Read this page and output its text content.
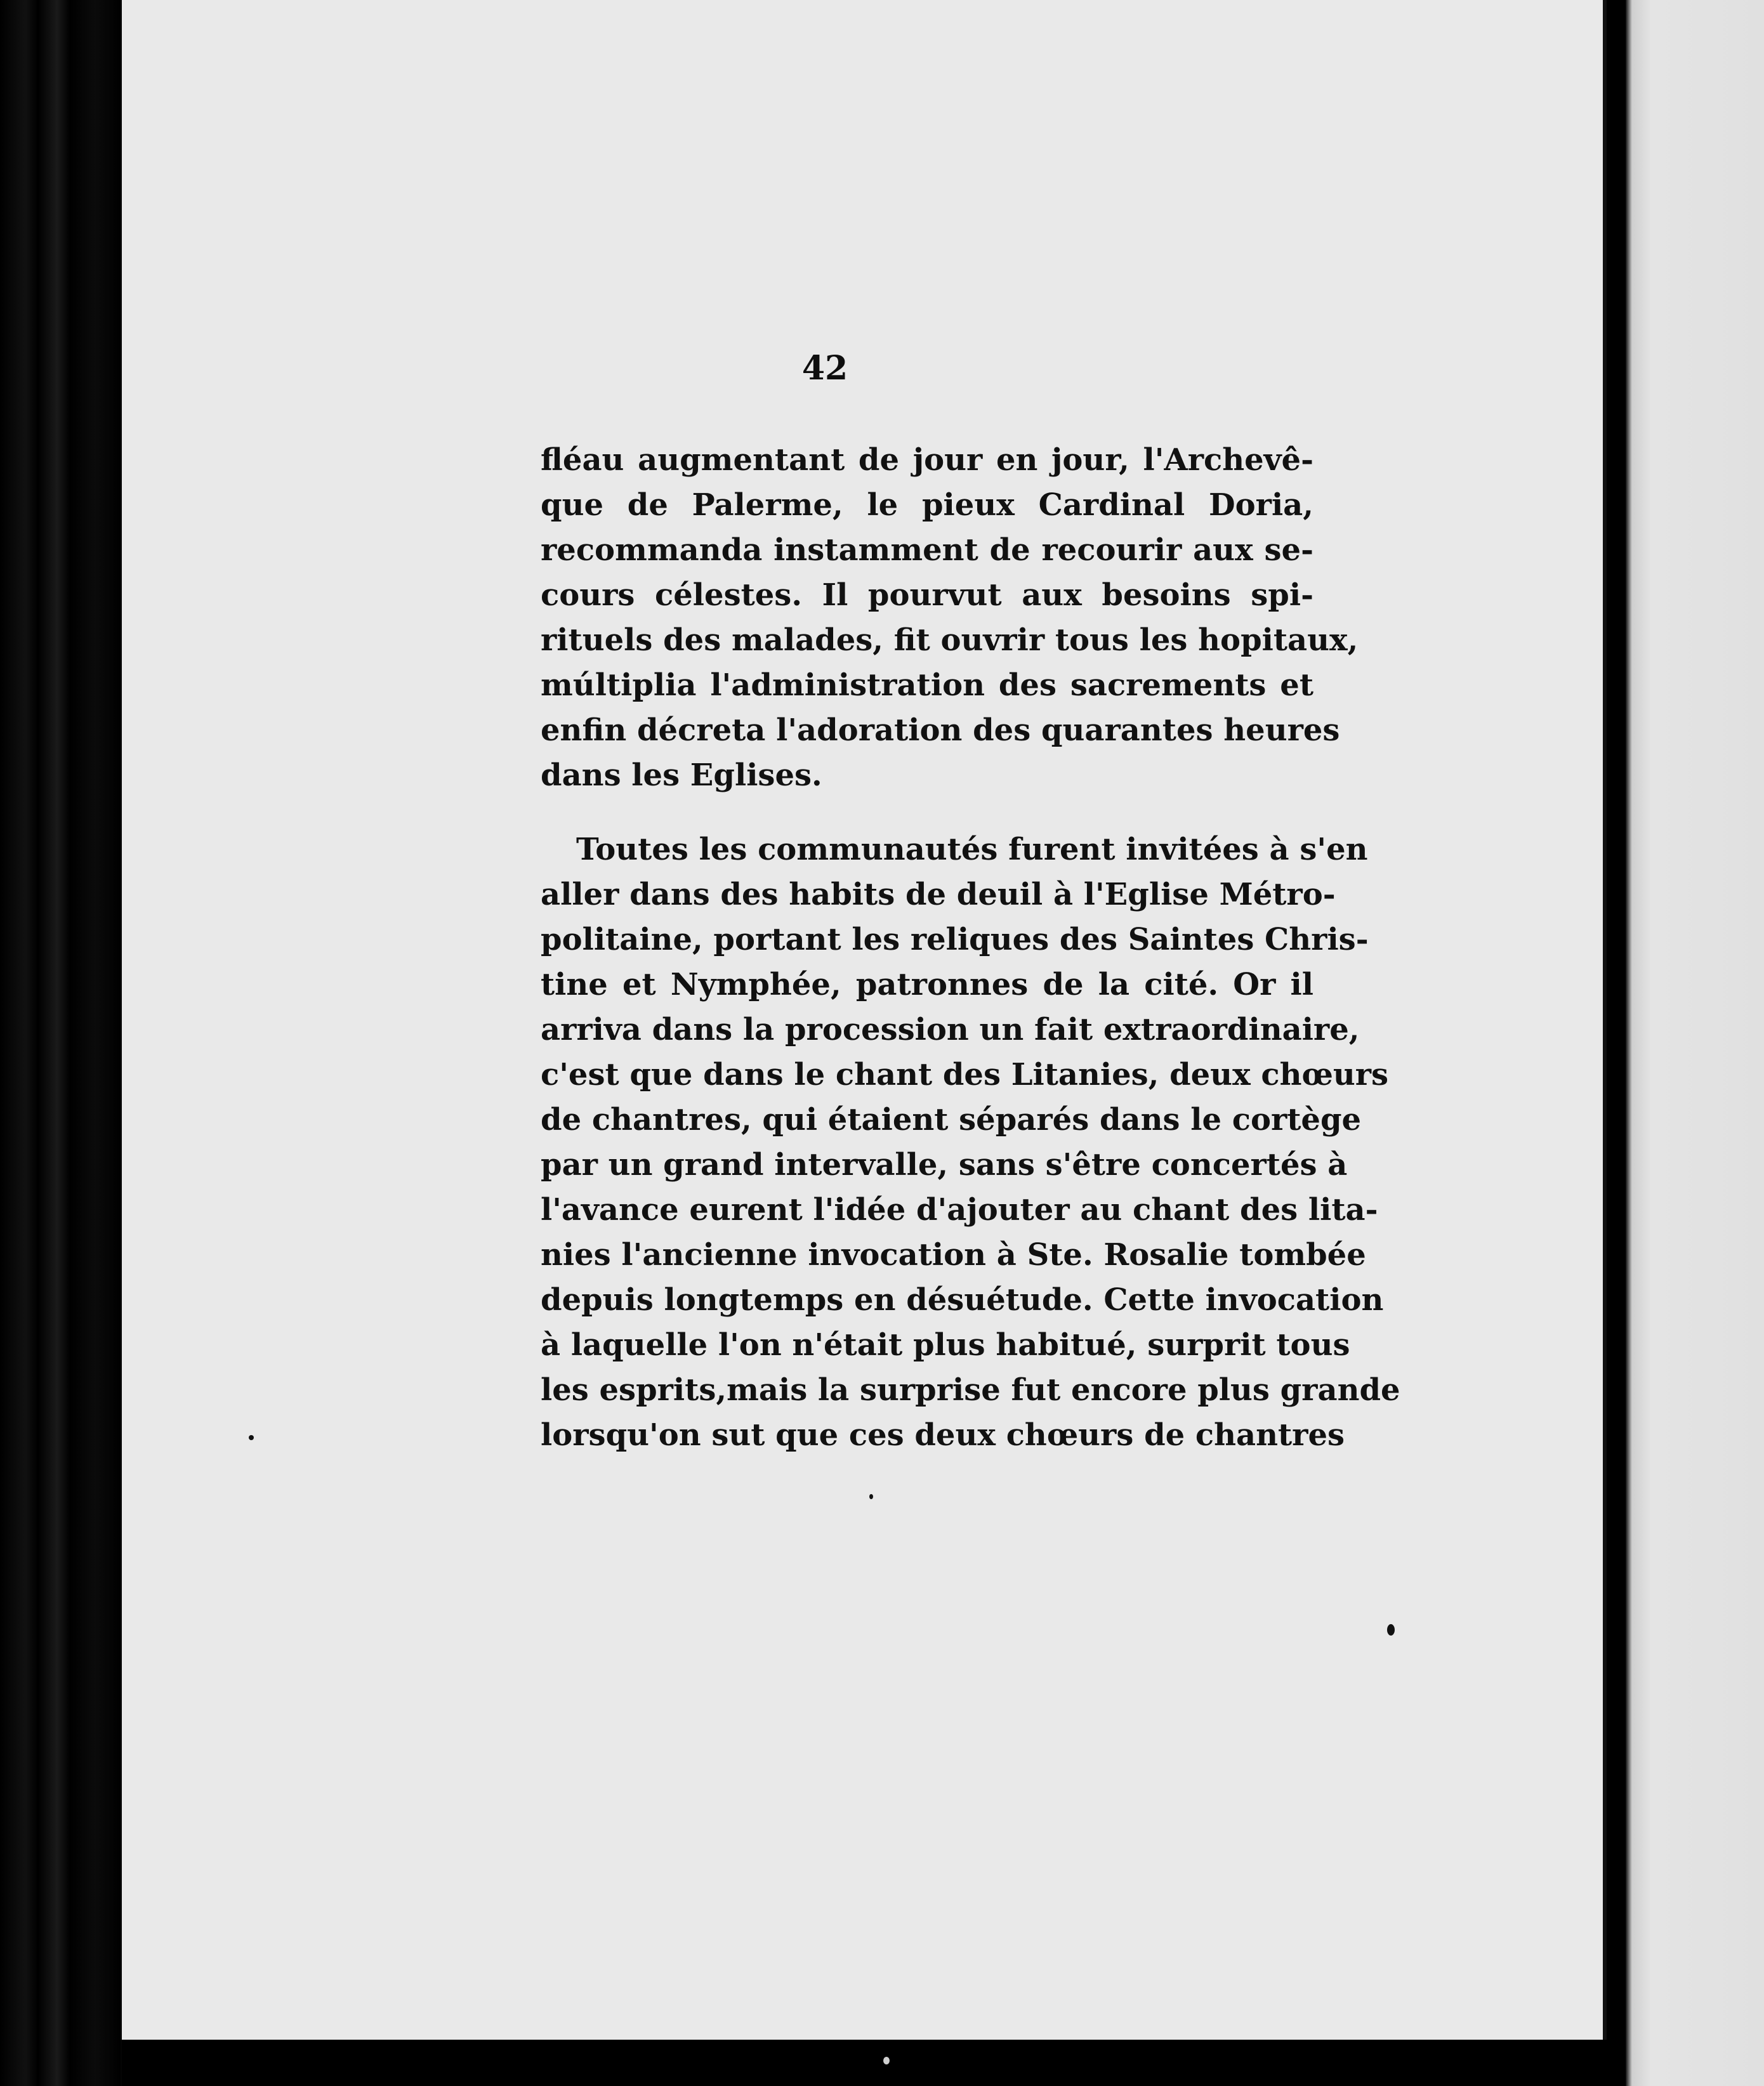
42
fléau augmentant de jour en jour, l'Archevê-
que de Palerme, le pieux Cardinal Doria,
recommanda instamment de recourir aux se-
cours célestes. Il pourvut aux besoins spi-
rituels des malades, fit ouvrir tous les hopitaux,
múltiplia l'administration des sacrements et
enfin décreta l'adoration des quarantes heures
dans les Eglises.
Toutes les communautés furent invitées à s'en
aller dans des habits de deuil à l'Eglise Métro-
politaine, portant les reliques des Saintes Chris-
tine et Nymphée, patronnes de la cité. Or il
arriva dans la procession un fait extraordinaire,
c'est que dans le chant des Litanies, deux chœurs
de chantres, qui étaient séparés dans le cortège
par un grand intervalle, sans s'être concertés à
l'avance eurent l'idée d'ajouter au chant des lita-
nies l'ancienne invocation à Ste. Rosalie tombée
depuis longtemps en désuétude. Cette invocation
à laquelle l'on n'était plus habitué, surprit tous
les esprits,mais la surprise fut encore plus grande
lorsqu'on sut que ces deux chœurs de chantres
